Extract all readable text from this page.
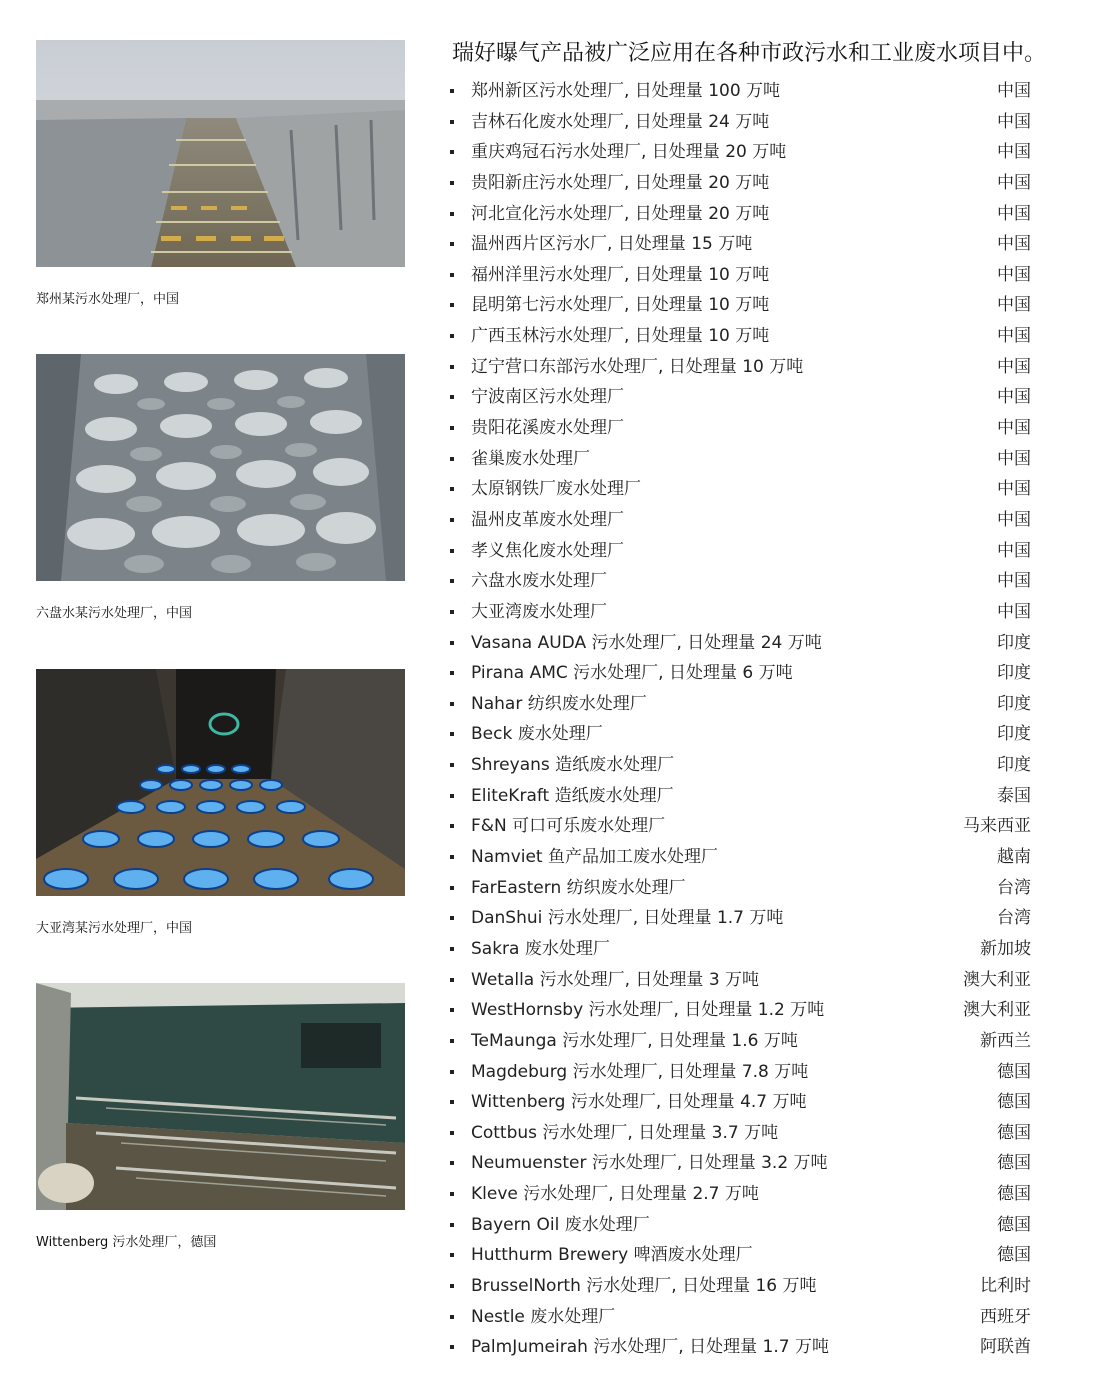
郑州某污水处理厂，中国
六盘水某污水处理厂，中国
大亚湾某污水处理厂，中国
Wittenberg 污水处理厂，德国
瑞好曝气产品被广泛应用在各种市政污水和工业废水项目中。
郑州新区污水处理厂, 日处理量 100 万吨	中国
吉林石化废水处理厂, 日处理量 24 万吨	中国
重庆鸡冠石污水处理厂, 日处理量 20 万吨	中国
贵阳新庄污水处理厂, 日处理量 20 万吨	中国
河北宣化污水处理厂, 日处理量 20 万吨	中国
温州西片区污水厂, 日处理量 15 万吨	中国
福州洋里污水处理厂, 日处理量 10 万吨	中国
昆明第七污水处理厂, 日处理量 10 万吨	中国
广西玉林污水处理厂, 日处理量 10 万吨	中国
辽宁营口东部污水处理厂, 日处理量 10 万吨	中国
宁波南区污水处理厂	中国
贵阳花溪废水处理厂	中国
雀巢废水处理厂	中国
太原钢铁厂废水处理厂	中国
温州皮革废水处理厂	中国
孝义焦化废水处理厂	中国
六盘水废水处理厂	中国
大亚湾废水处理厂	中国
Vasana AUDA 污水处理厂, 日处理量 24 万吨	印度
Pirana AMC 污水处理厂, 日处理量 6 万吨	印度
Nahar 纺织废水处理厂	印度
Beck 废水处理厂	印度
Shreyans 造纸废水处理厂	印度
EliteKraft 造纸废水处理厂	泰国
F&N 可口可乐废水处理厂	马来西亚
Namviet 鱼产品加工废水处理厂	越南
FarEastern 纺织废水处理厂	台湾
DanShui 污水处理厂, 日处理量 1.7 万吨	台湾
Sakra 废水处理厂	新加坡
Wetalla 污水处理厂, 日处理量 3 万吨	澳大利亚
WestHornsby 污水处理厂, 日处理量 1.2 万吨	澳大利亚
TeMaunga 污水处理厂, 日处理量 1.6 万吨	新西兰
Magdeburg 污水处理厂, 日处理量 7.8 万吨	德国
Wittenberg 污水处理厂, 日处理量 4.7 万吨	德国
Cottbus 污水处理厂, 日处理量 3.7 万吨	德国
Neumuenster 污水处理厂, 日处理量 3.2 万吨	德国
Kleve 污水处理厂, 日处理量 2.7 万吨	德国
Bayern Oil 废水处理厂	德国
Hutthurm Brewery 啤酒废水处理厂	德国
BrusselNorth 污水处理厂, 日处理量 16 万吨	比利时
Nestle 废水处理厂	西班牙
PalmJumeirah 污水处理厂, 日处理量 1.7 万吨	阿联酋
